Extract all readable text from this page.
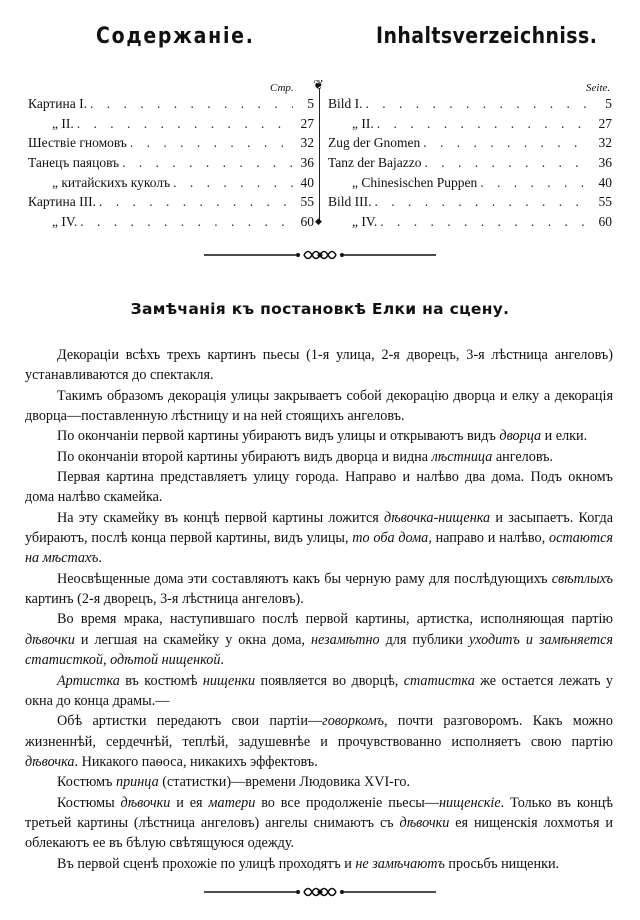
Содержаніе.	Inhaltsverzeichniss.
Стр.	Seite.
❦
◆
Картина I. . . .	5
„ II. . . .	27
Шествіе гномовъ . . .	32
Танецъ паяцовъ . . .	36
„ китайскихъ куколъ . . .	40
Картина III. . . .	55
„ IV. . . .	60
Bild I. . . .	5
„ II. . . .	27
Zug der Gnomen . . .	32
Tanz der Bajazzo . . .	36
„ Chinesischen Puppen . . .	40
Bild III. . . .	55
„ IV. . . .	60
Замѣчанія къ постановкѣ Елки на сцену.

Декораціи всѣхъ трехъ картинъ пьесы (1-я улица, 2-я дворецъ, 3-я лѣстница ангеловъ) устанавливаются до спектакля.

Такимъ образомъ декорація улицы закрываетъ собой декорацію дворца и елку а декорація дворца—поставленную лѣстницу и на ней стоящихъ ангеловъ.

По окончаніи первой картины убираютъ видъ улицы и открываютъ видъ дворца и елки.

По окончаніи второй картины убираютъ видъ дворца и видна лѣстница ангеловъ.

Первая картина представляетъ улицу города. Направо и налѣво два дома. Подъ окномъ дома налѣво скамейка.

На эту скамейку въ концѣ первой картины ложится дѣвочка-нищенка и засыпаетъ. Когда убираютъ, послѣ конца первой картины, видъ улицы, то оба дома, направо и налѣво, остаются на мѣстахъ.

Неосвѣщенные дома эти составляютъ какъ бы черную раму для послѣдующихъ свѣтлыхъ картинъ (2-я дворецъ, 3-я лѣстница ангеловъ).

Во время мрака, наступившаго послѣ первой картины, артистка, исполняющая партію дѣвочки и легшая на скамейку у окна дома, незамѣтно для публики уходитъ и замѣняется статисткой, одѣтой нищенкой.

Артистка въ костюмѣ нищенки появляется во дворцѣ, статистка же остается лежать у окна до конца драмы.—

Обѣ артистки передаютъ свои партіи—говоркомъ, почти разговоромъ. Какъ можно жизненнѣй, сердечнѣй, теплѣй, задушевнѣе и прочувствованно исполняетъ свою партію дѣвочка. Никакого паѳоса, никакихъ эффектовъ.

Костюмъ принца (статистки)—времени Людовика XVI-го.

Костюмы дѣвочки и ея матери во все продолженіе пьесы—нищенскіе. Только въ концѣ третьей картины (лѣстница ангеловъ) ангелы снимаютъ съ дѣвочки ея нищенскія лохмотья и облекаютъ ее въ бѣлую свѣтящуюся одежду.

Въ первой сценѣ прохожіе по улицѣ проходятъ и не замѣчаютъ просьбъ нищенки.
